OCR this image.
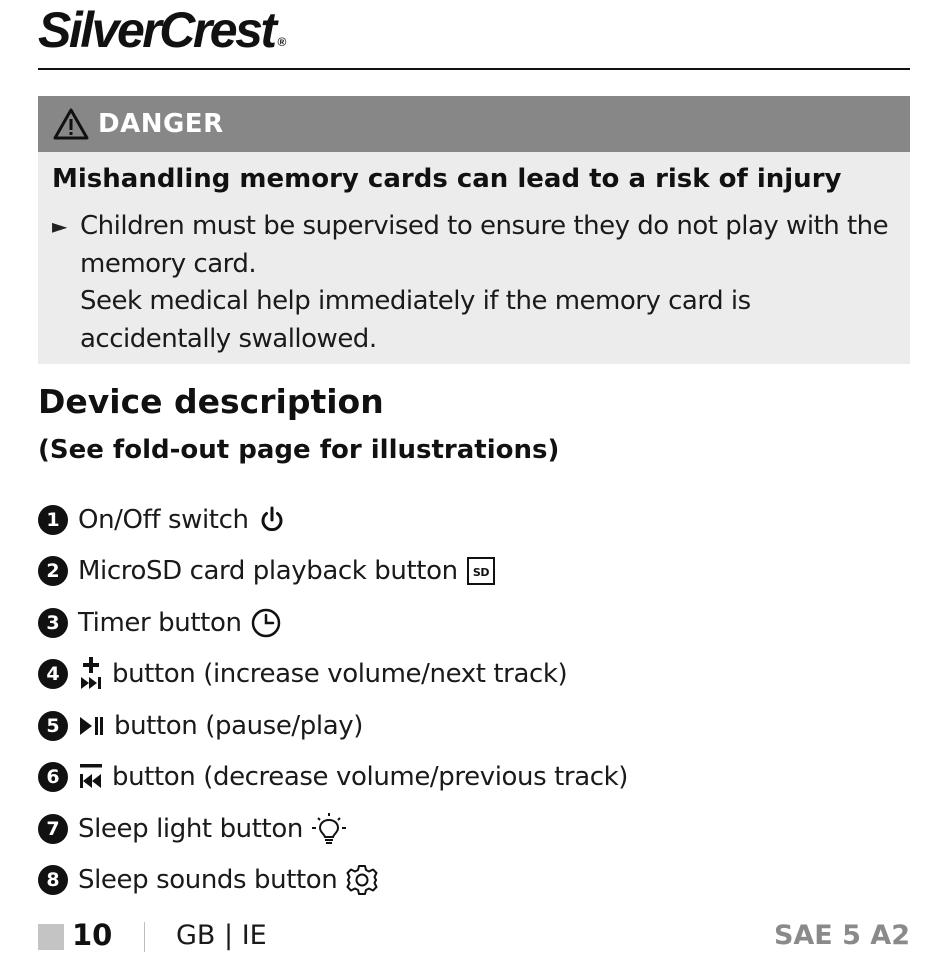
SilverCrest ®
DANGER
Mishandling memory cards can lead to a risk of injury
► Children must be supervised to ensure they do not play with the memory card.
Seek medical help immediately if the memory card is accidentally swallowed.
Device description
(See fold-out page for illustrations)
1 On/Off switch
2 MicroSD card playback button SD
3 Timer button
4	button (increase volume/next track)
5	button (pause/play)
6	button (decrease volume/previous track)
7 Sleep light button
8 Sleep sounds button
10 GB | IE	SAE 5 A2
